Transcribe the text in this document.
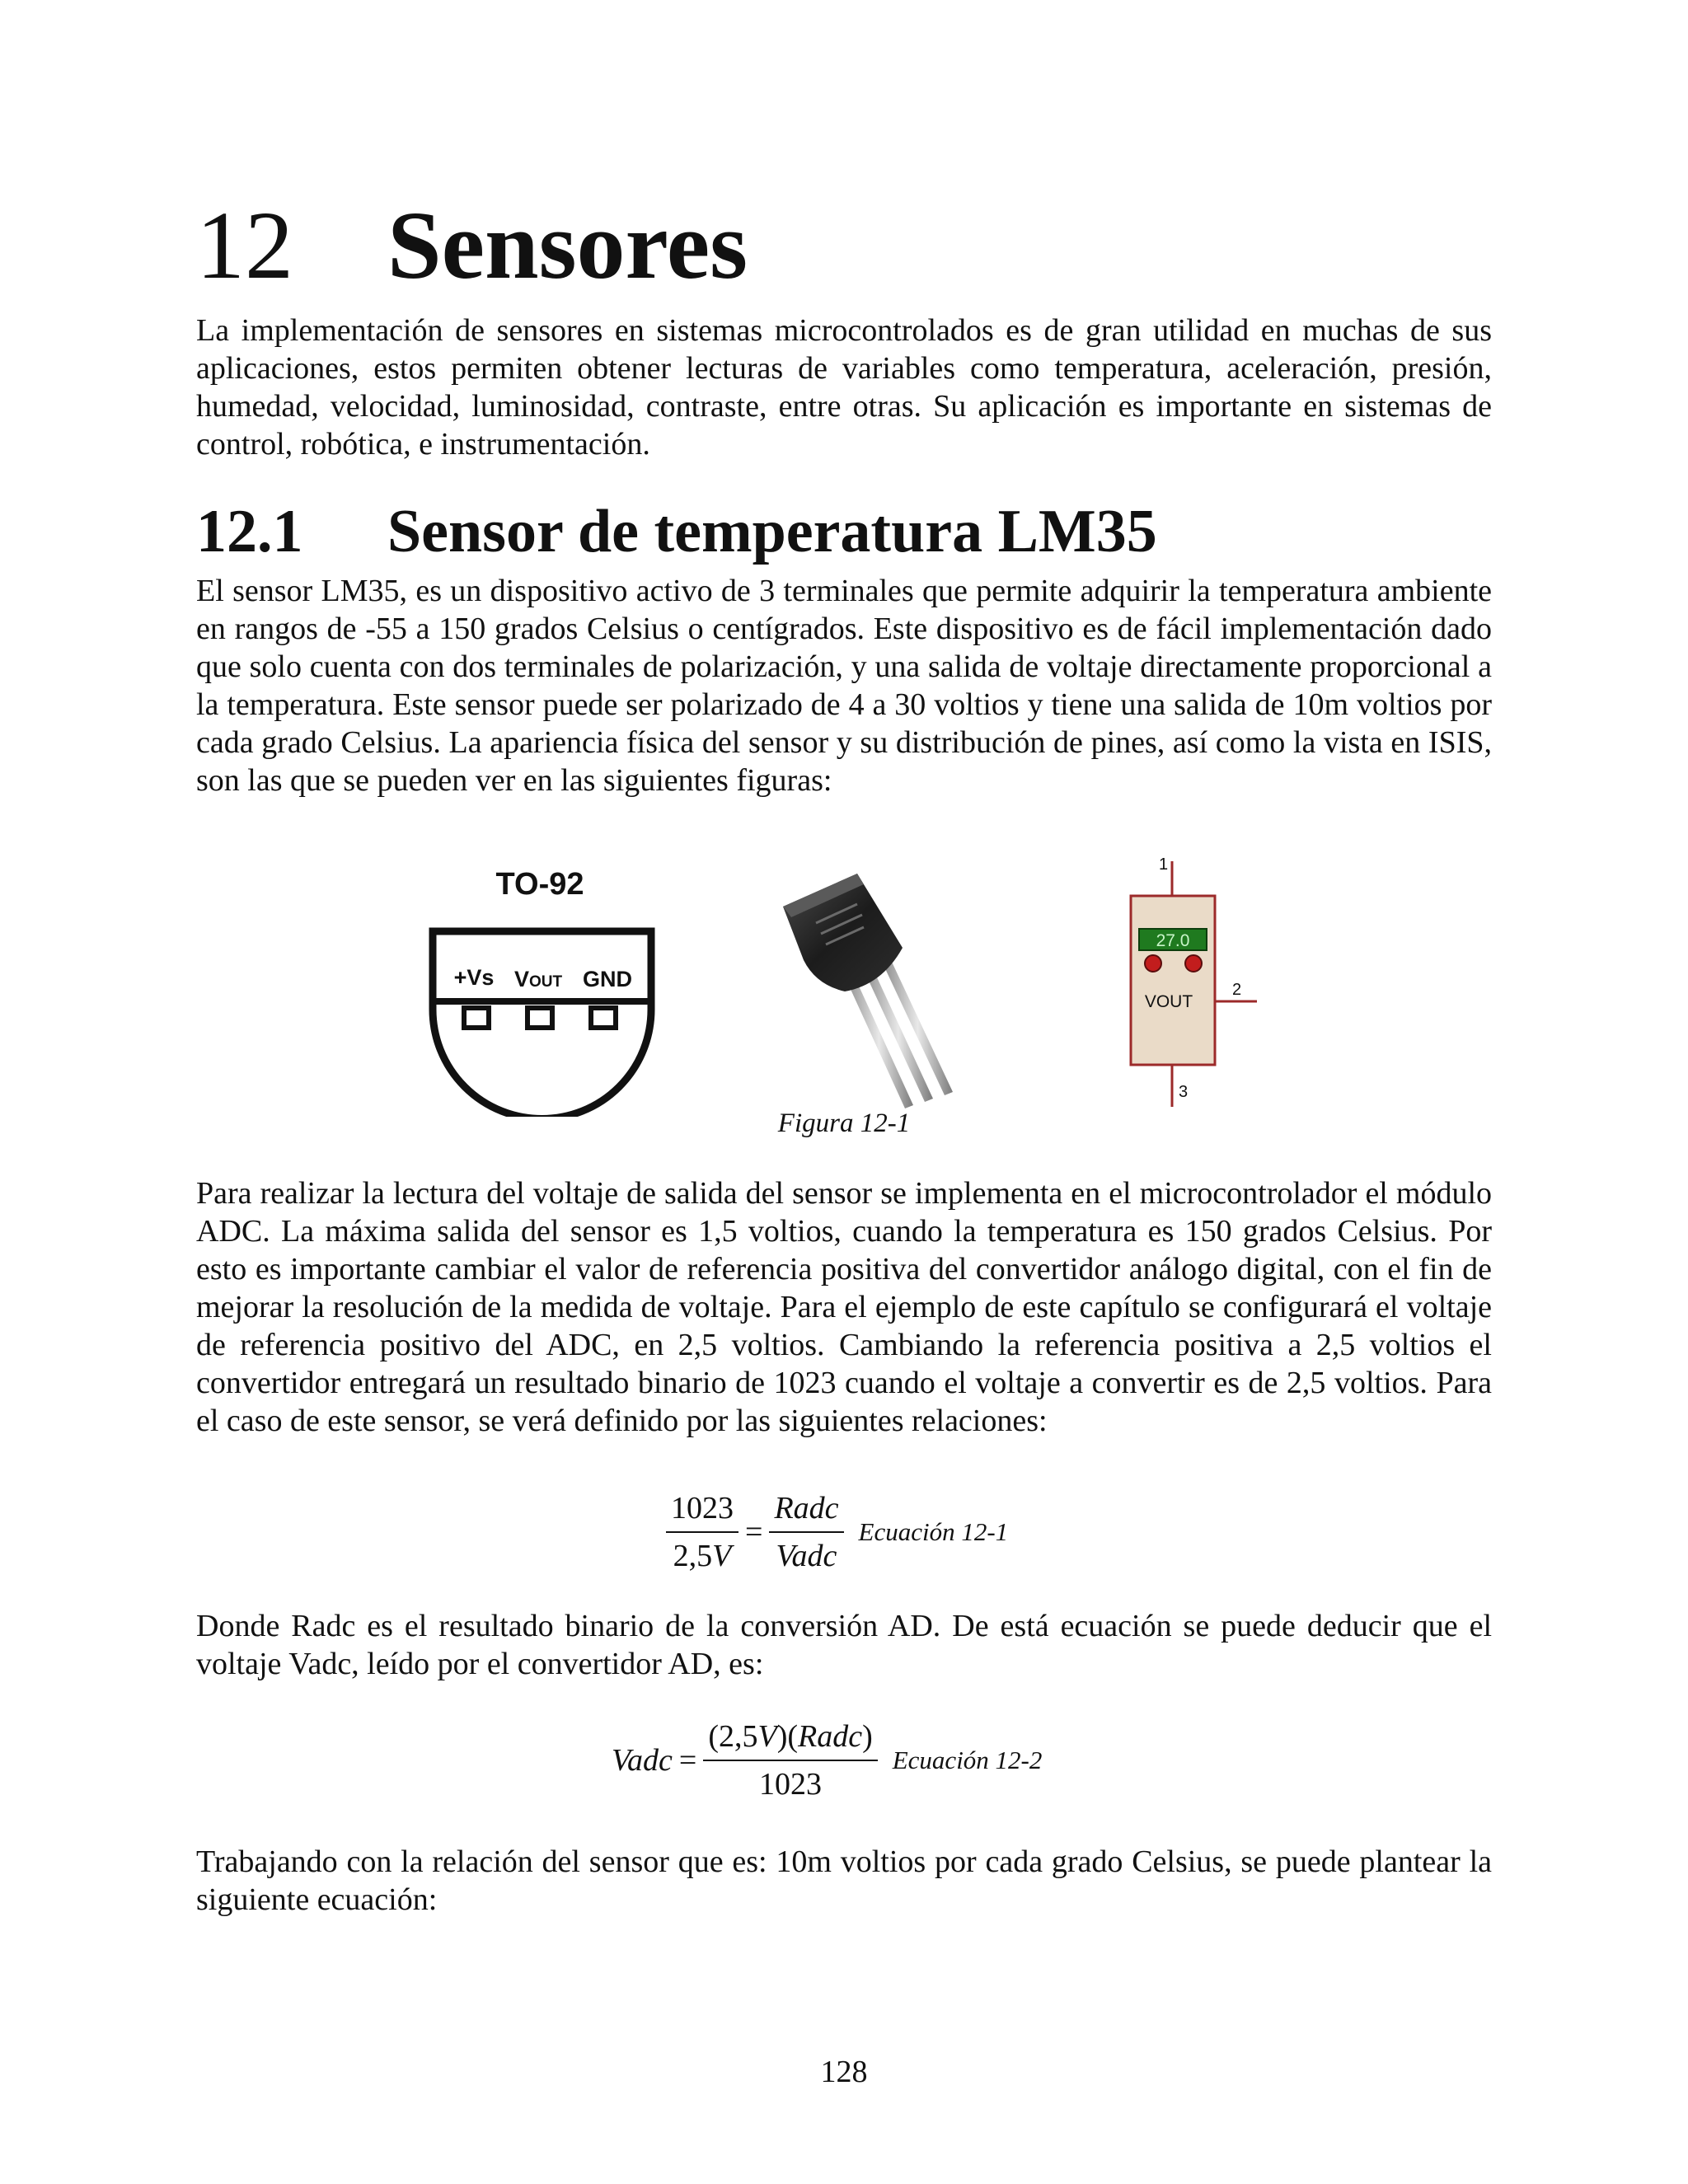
12 Sensores

La implementación de sensores en sistemas microcontrolados es de gran utilidad en muchas de sus aplicaciones, estos permiten obtener lecturas de variables como temperatura, aceleración, presión, humedad, velocidad, luminosidad, contraste, entre otras. Su aplicación es importante en sistemas de control, robótica, e instrumentación.

12.1 Sensor de temperatura LM35

El sensor LM35, es un dispositivo activo de 3 terminales que permite adquirir la temperatura ambiente en rangos de -55 a 150 grados Celsius o centígrados. Este dispositivo es de fácil implementación dado que solo cuenta con dos terminales de polarización, y una salida de voltaje directamente proporcional a la temperatura. Este sensor puede ser polarizado de 4 a 30 voltios y tiene una salida de 10m voltios por cada grado Celsius. La apariencia física del sensor y su distribución de pines, así como la vista en ISIS, son las que se pueden ver en las siguientes figuras:

TO-92
+Vs VOUT GND
1
27.0
VOUT
2
3
Figura 12-1

Para realizar la lectura del voltaje de salida del sensor se implementa en el microcontrolador el módulo ADC. La máxima salida del sensor es 1,5 voltios, cuando la temperatura es 150 grados Celsius. Por esto es importante cambiar el valor de referencia positiva del convertidor análogo digital, con el fin de mejorar la resolución de la medida de voltaje. Para el ejemplo de este capítulo se configurará el voltaje de referencia positivo del ADC, en 2,5 voltios. Cambiando la referencia positiva a 2,5 voltios el convertidor entregará un resultado binario de 1023 cuando el voltaje a convertir es de 2,5 voltios. Para el caso de este sensor, se verá definido por las siguientes relaciones:

$\frac{1023}{2,5V} = \frac{\text{Radc}}{\text{Vadc}}$ Ecuación 12-1

Donde Radc es el resultado binario de la conversión AD. De está ecuación se puede deducir que el voltaje Vadc, leído por el convertidor AD, es:

Vadc = $\frac{\text{(2,5V)(Radc)}}{1023}$ Ecuación 12-2

Trabajando con la relación del sensor que es: 10m voltios por cada grado Celsius, se puede plantear la siguiente ecuación:

128
